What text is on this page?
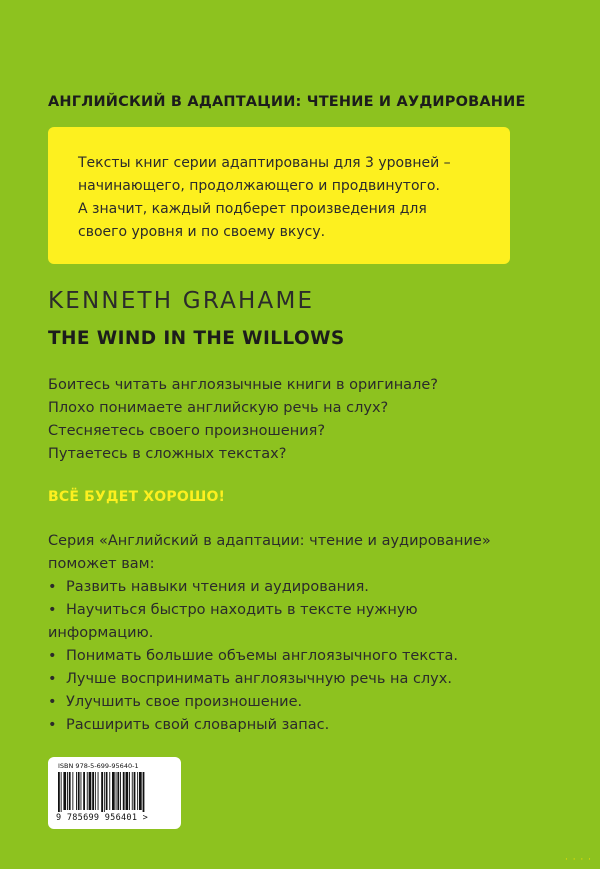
АНГЛИЙСКИЙ В АДАПТАЦИИ: ЧТЕНИЕ И АУДИРОВАНИЕ

Тексты книг серии адаптированы для 3 уровней –
начинающего, продолжающего и продвинутого.
А значит, каждый подберет произведения для
своего уровня и по своему вкусу.

KENNETH GRAHAME
THE WIND IN THE WILLOWS
Боитесь читать англоязычные книги в оригинале?
Плохо понимаете английскую речь на слух?
Стесняетесь своего произношения?
Путаетесь в сложных текстах?
ВСЁ БУДЕТ ХОРОШО!
Серия «Английский в адаптации: чтение и аудирование»
поможет вам:
• Развить навыки чтения и аудирования.
• Научиться быстро находить в тексте нужную
информацию.
• Понимать большие объемы англоязычного текста.
• Лучше воспринимать англоязычную речь на слух.
• Улучшить свое произношение.
• Расширить свой словарный запас.
ISBN 978-5-699-95640-1
9 785699 956401 >
· · · ·
